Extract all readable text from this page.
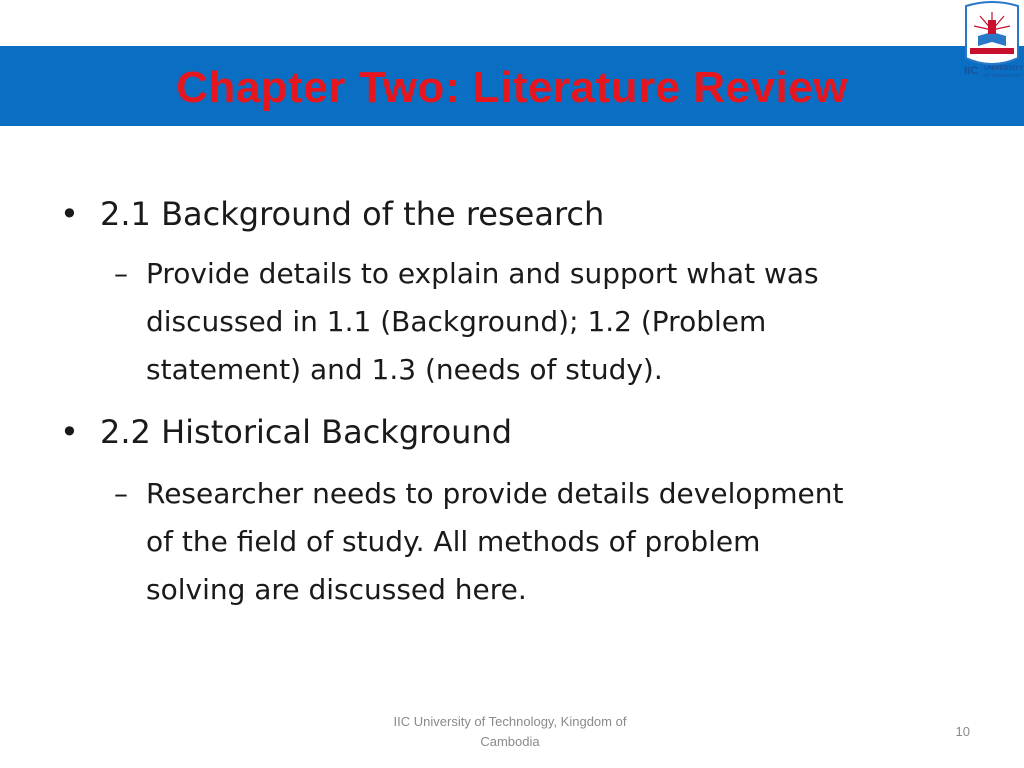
Chapter Two: Literature Review	IIC UNIVERSITY
OF TECHNOLOGY
• 2.1 Background of the research
– Provide details to explain and support what was
discussed in 1.1 (Background); 1.2 (Problem
statement) and 1.3 (needs of study).
• 2.2 Historical Background
– Researcher needs to provide details development
of the field of study. All methods of problem
solving are discussed here.
IIC University of Technology, Kingdom of
Cambodia
10
